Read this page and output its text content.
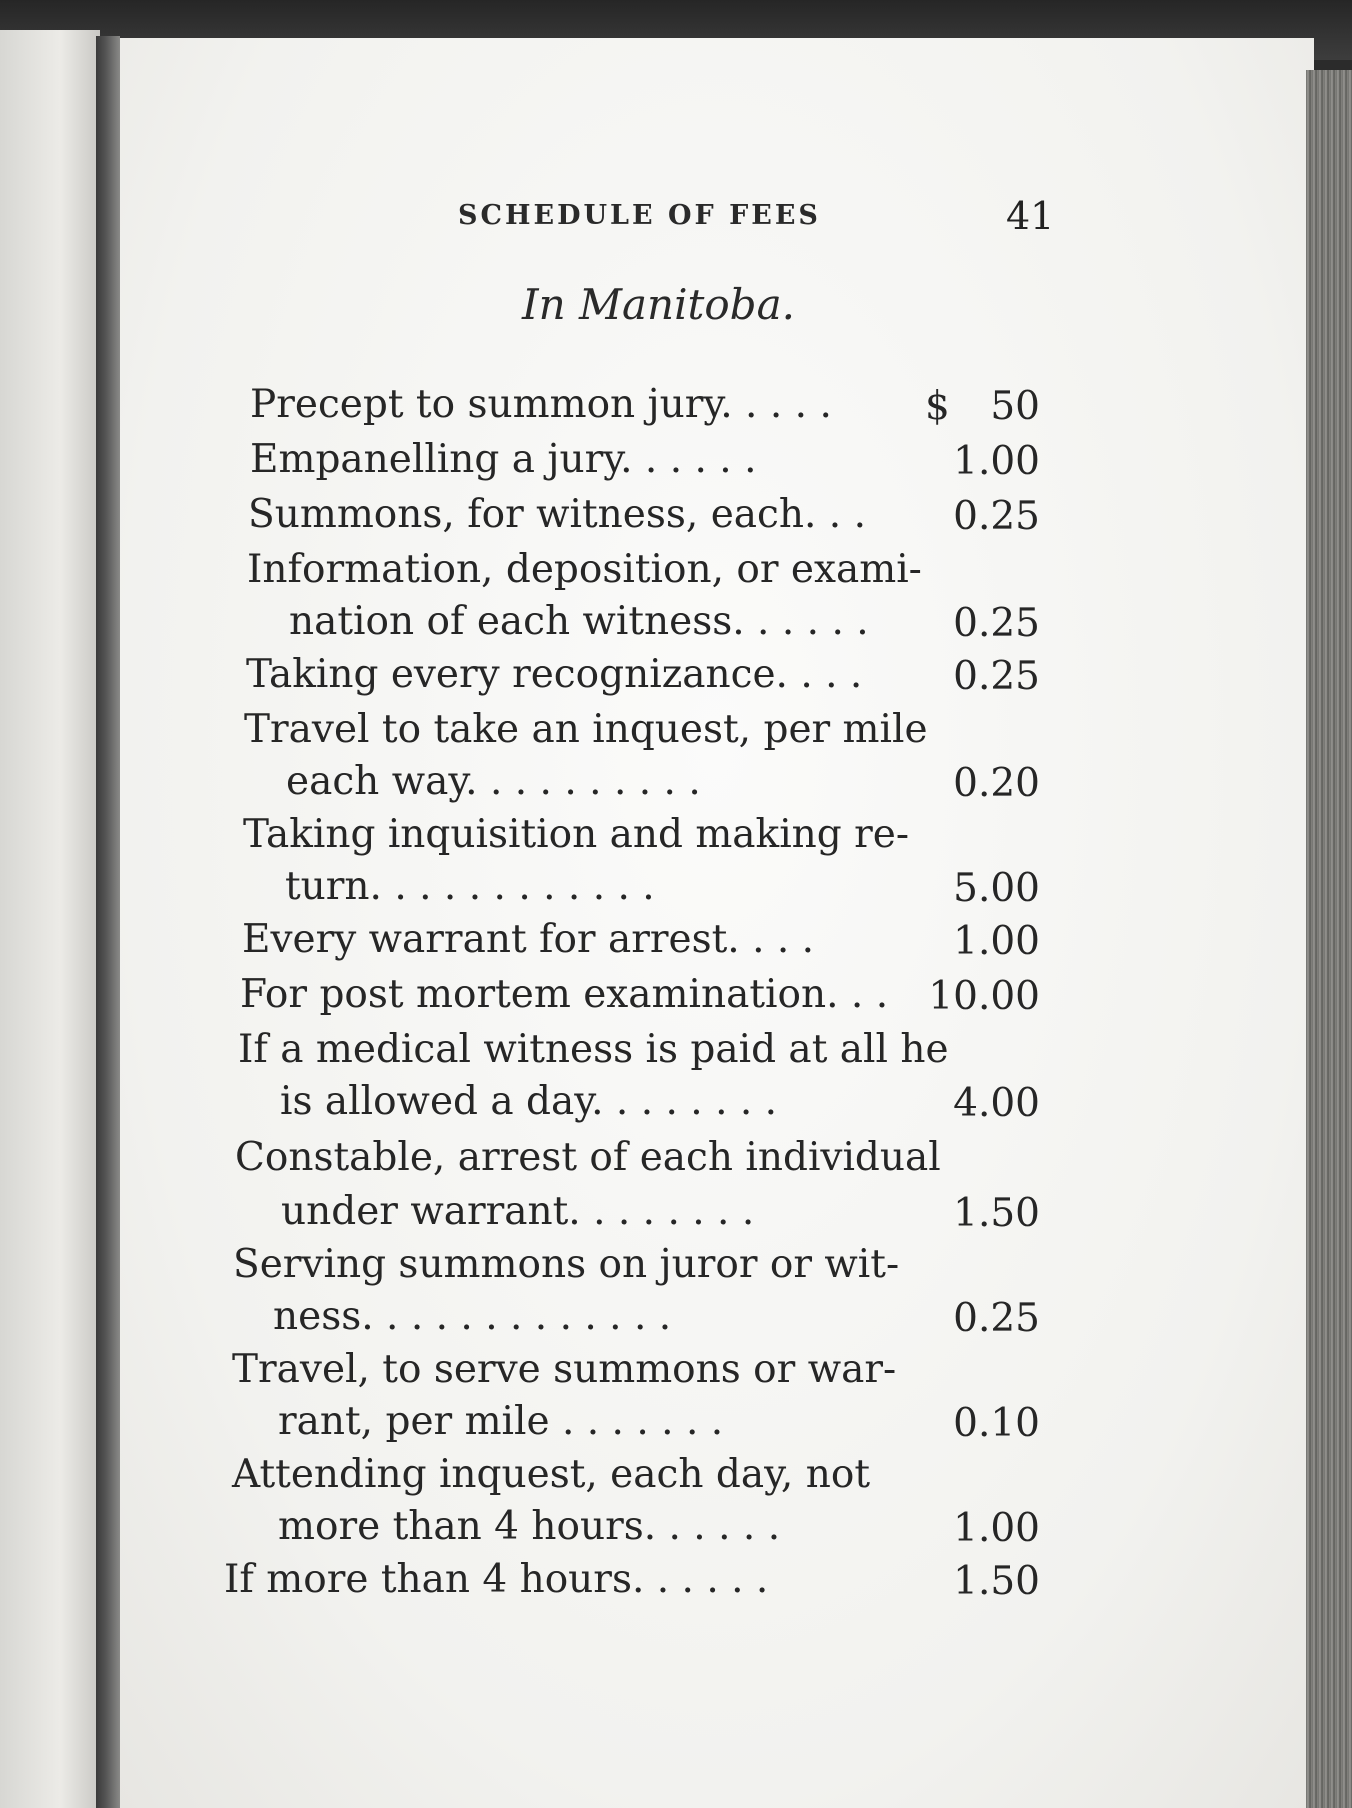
SCHEDULE OF FEES	41
In Manitoba.
Precept to summon jury. . . . . $	50
Empanelling a jury. . . . . .	1.00
Summons, for witness, each. . .	0.25
Information, deposition, or exami-
nation of each witness. . . . . .	0.25
Taking every recognizance. . . .	0.25
Travel to take an inquest, per mile
each way. . . . . . . . . .	0.20
Taking inquisition and making re-
turn. . . . . . . . . . . .	5.00
Every warrant for arrest. . . .	1.00
For post mortem examination. . .	10.00
If a medical witness is paid at all he
is allowed a day. . . . . . . .	4.00
Constable, arrest of each individual
under warrant. . . . . . . .	1.50
Serving summons on juror or wit-
ness. . . . . . . . . . . . .	0.25
Travel, to serve summons or war-
rant, per mile . . . . . . .	0.10
Attending inquest, each day, not
more than 4 hours. . . . . .	1.00
If more than 4 hours. . . . . .	1.50
